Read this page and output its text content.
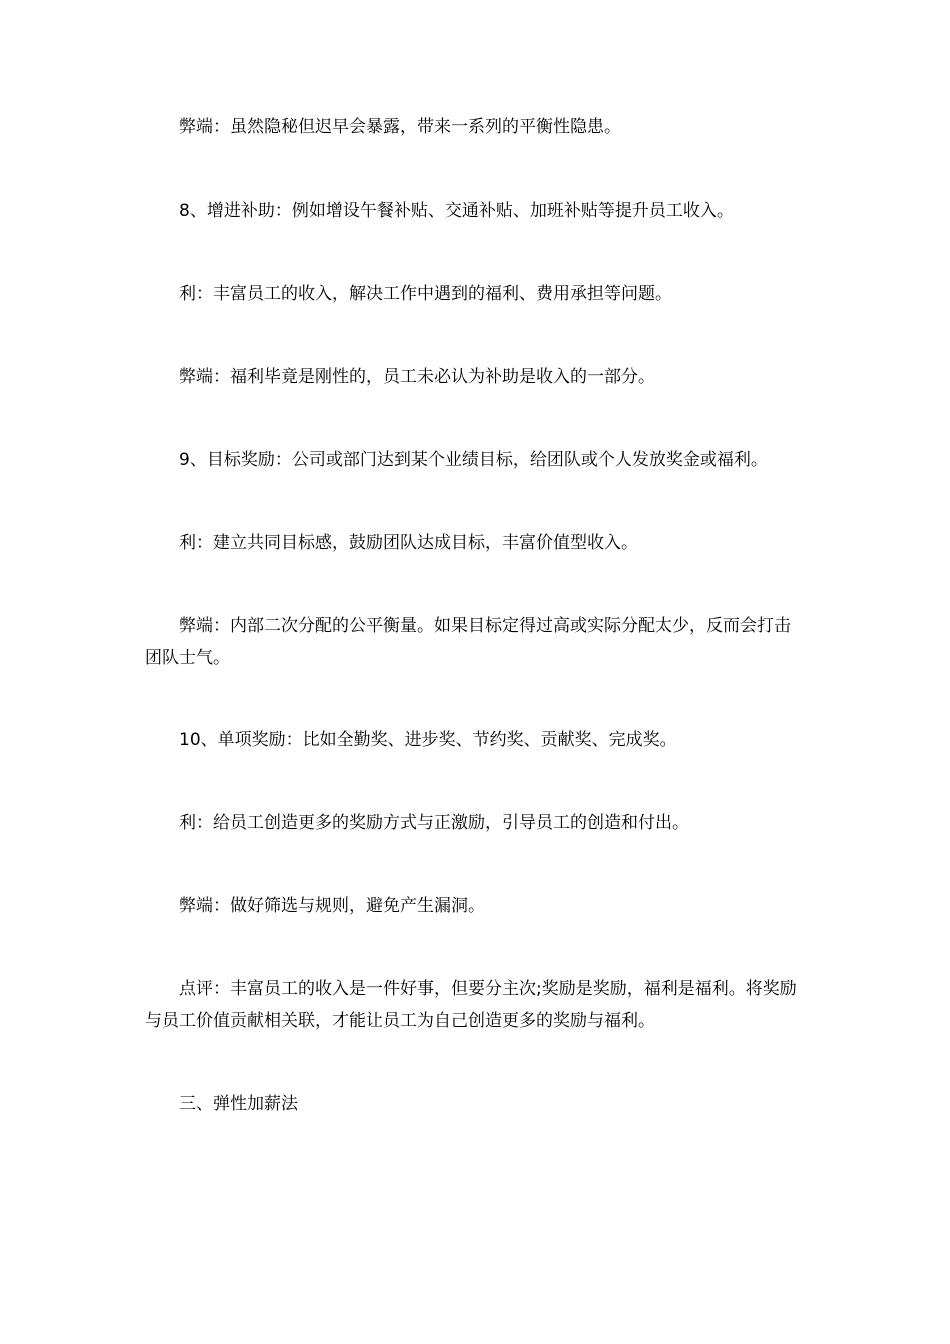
弊端：虽然隐秘但迟早会暴露，带来一系列的平衡性隐患。

8、增进补助：例如增设午餐补贴、交通补贴、加班补贴等提升员工收入。

利：丰富员工的收入，解决工作中遇到的福利、费用承担等问题。

弊端：福利毕竟是刚性的，员工未必认为补助是收入的一部分。

9、目标奖励：公司或部门达到某个业绩目标，给团队或个人发放奖金或福利。

利：建立共同目标感，鼓励团队达成目标，丰富价值型收入。

弊端：内部二次分配的公平衡量。如果目标定得过高或实际分配太少，反而会打击团队士气。

10、单项奖励：比如全勤奖、进步奖、节约奖、贡献奖、完成奖。

利：给员工创造更多的奖励方式与正激励，引导员工的创造和付出。

弊端：做好筛选与规则，避免产生漏洞。

点评：丰富员工的收入是一件好事，但要分主次;奖励是奖励，福利是福利。将奖励与员工价值贡献相关联，才能让员工为自己创造更多的奖励与福利。

三、弹性加薪法
